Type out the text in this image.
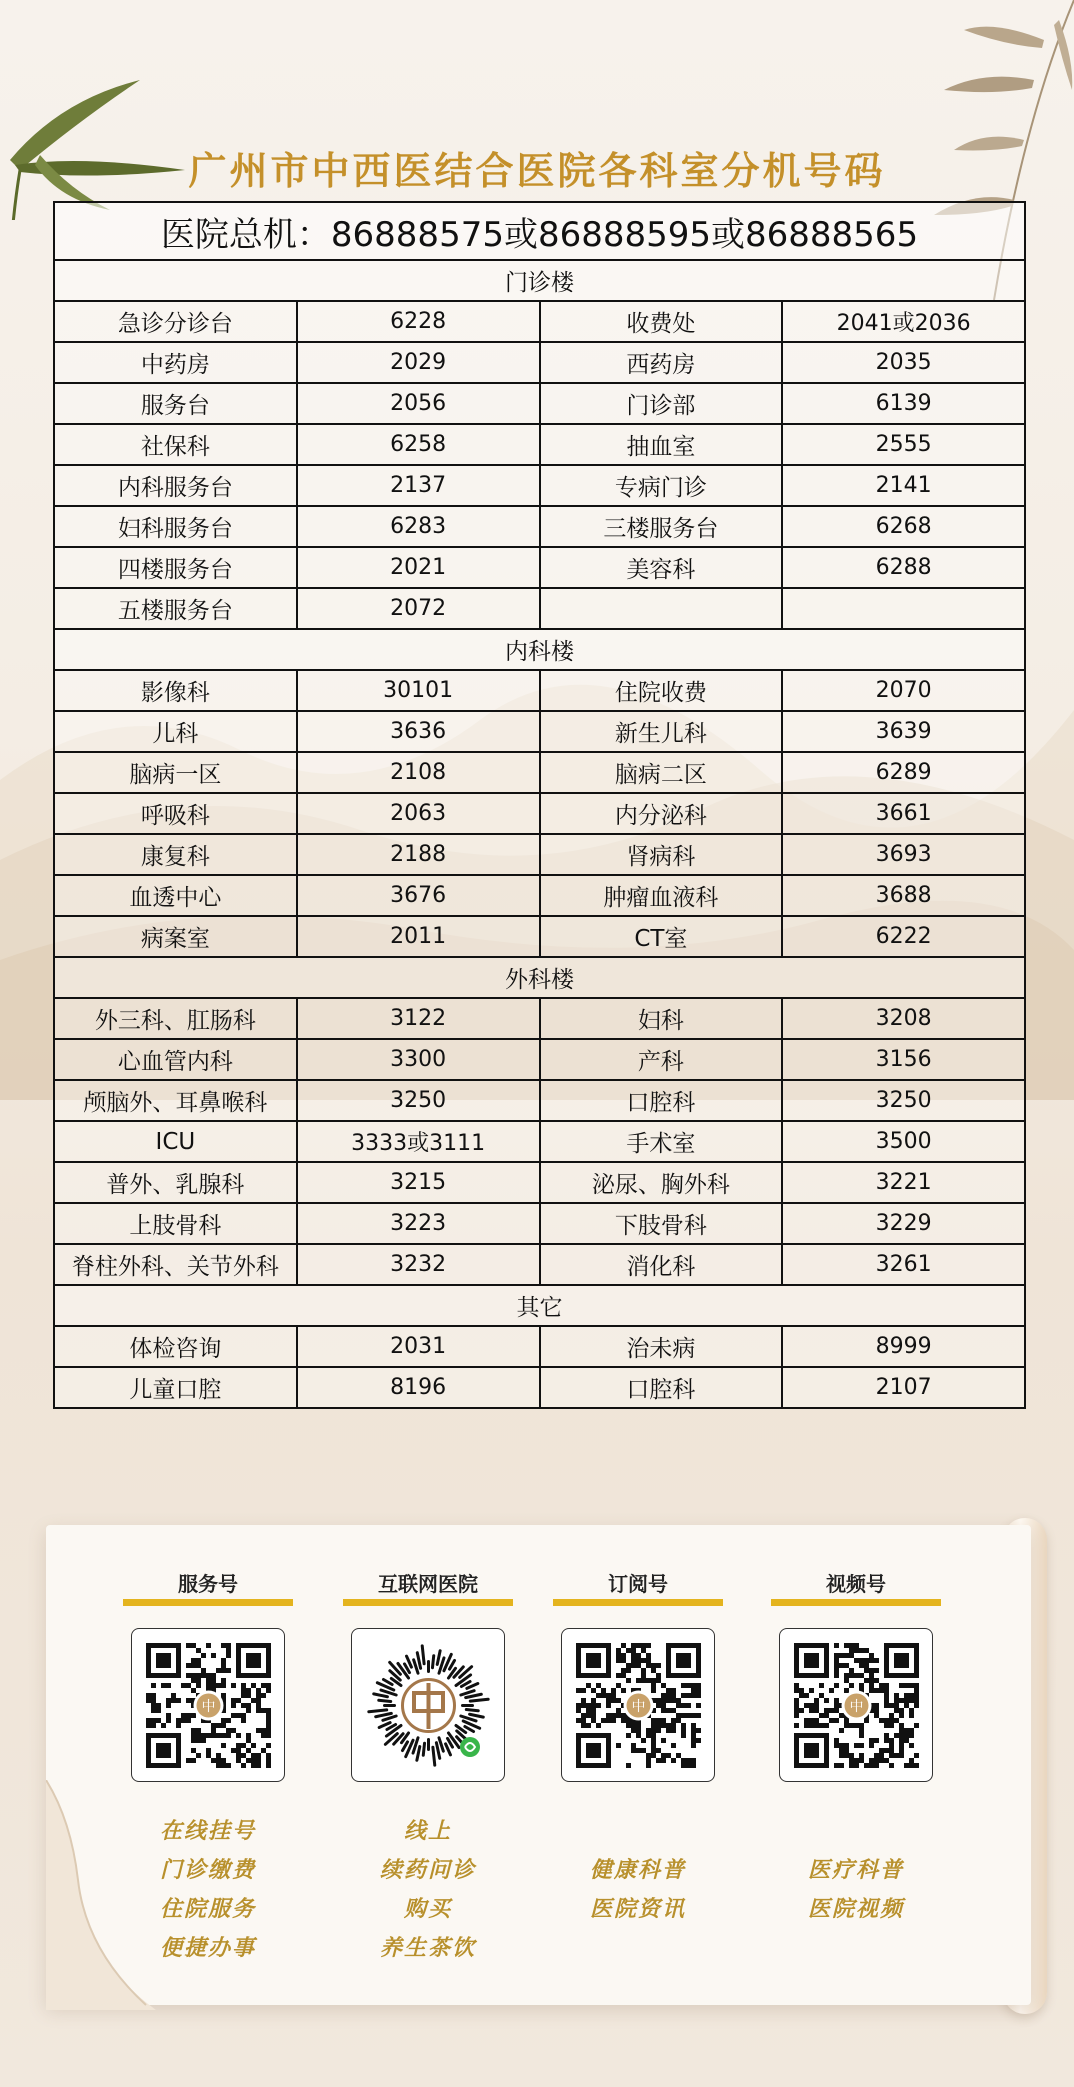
广州市中西医结合医院各科室分机号码
医院总机：86888575或86888595或86888565			
门诊楼			
急诊分诊台	6228	收费处	2041或2036
中药房	2029	西药房	2035
服务台	2056	门诊部	6139
社保科	6258	抽血室	2555
内科服务台	2137	专病门诊	2141
妇科服务台	6283	三楼服务台	6268
四楼服务台	2021	美容科	6288
五楼服务台	2072		
内科楼			
影像科	30101	住院收费	2070
儿科	3636	新生儿科	3639
脑病一区	2108	脑病二区	6289
呼吸科	2063	内分泌科	3661
康复科	2188	肾病科	3693
血透中心	3676	肿瘤血液科	3688
病案室	2011	CT室	6222
外科楼			
外三科、肛肠科	3122	妇科	3208
心血管内科	3300	产科	3156
颅脑外、耳鼻喉科	3250	口腔科	3250
ICU	3333或3111	手术室	3500
普外、乳腺科	3215	泌尿、胸外科	3221
上肢骨科	3223	下肢骨科	3229
脊柱外科、关节外科	3232	消化科	3261
其它			
体检咨询	2031	治未病	8999
儿童口腔	8196	口腔科	2107
服务号
中
在线挂号
门诊缴费
住院服务
便捷办事
互联网医院
线上
续药问诊
购买
养生茶饮
订阅号
中

健康科普
医院资讯

视频号
中

医疗科普
医院视频
